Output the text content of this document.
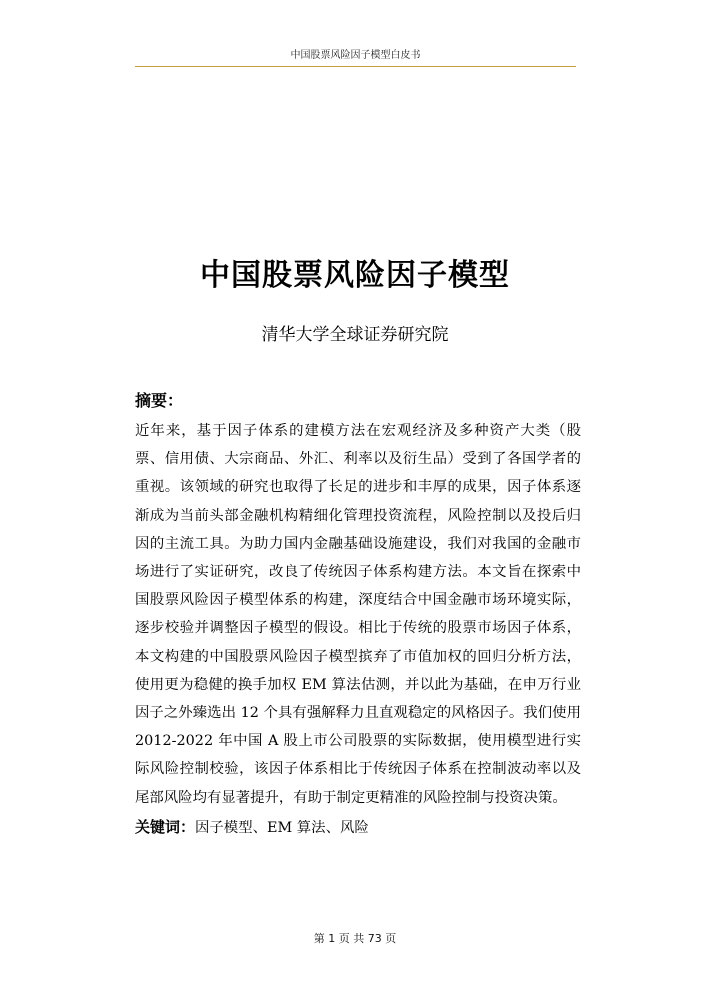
中国股票风险因子模型白皮书
中国股票风险因子模型
清华大学全球证券研究院
摘要：

近年来，基于因子体系的建模方法在宏观经济及多种资产大类（股票、信用债、大宗商品、外汇、利率以及衍生品）受到了各国学者的重视。该领域的研究也取得了长足的进步和丰厚的成果，因子体系逐渐成为当前头部金融机构精细化管理投资流程，风险控制以及投后归因的主流工具。为助力国内金融基础设施建设，我们对我国的金融市场进行了实证研究，改良了传统因子体系构建方法。本文旨在探索中国股票风险因子模型体系的构建，深度结合中国金融市场环境实际，逐步校验并调整因子模型的假设。相比于传统的股票市场因子体系，本文构建的中国股票风险因子模型摈弃了市值加权的回归分析方法，使用更为稳健的换手加权 EM 算法估测，并以此为基础，在申万行业因子之外臻选出 12 个具有强解释力且直观稳定的风格因子。我们使用 2012-2022 年中国 A 股上市公司股票的实际数据，使用模型进行实际风险控制校验，该因子体系相比于传统因子体系在控制波动率以及尾部风险均有显著提升，有助于制定更精准的风险控制与投资决策。

关键词：因子模型、EM 算法、风险
第 1 页 共 73 页
